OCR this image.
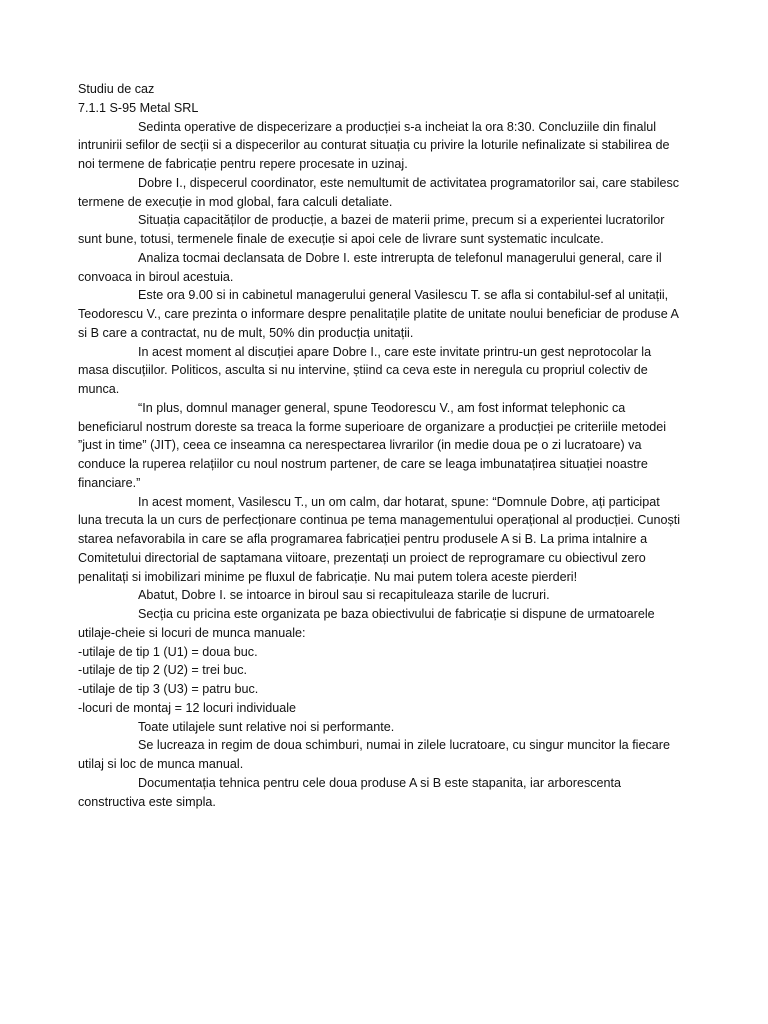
Studiu de caz

7.1.1 S-95 Metal SRL

Sedinta operative de dispecerizare a producției s-a incheiat la ora 8:30. Concluziile din finalul intrunirii sefilor de secții si a dispecerilor au conturat situația cu privire la loturile nefinalizate si stabilirea de noi termene de fabricație pentru repere procesate in uzinaj.

Dobre I., dispecerul coordinator, este nemultumit de activitatea programatorilor sai, care stabilesc termene de execuție in mod global, fara calculi detaliate.

Situația capacităților de producție, a bazei de materii prime, precum si a experientei lucratorilor sunt bune, totusi, termenele finale de execuție si apoi cele de livrare sunt systematic inculcate.

Analiza tocmai declansata de Dobre I. este intrerupta de telefonul managerului general, care il convoaca in biroul acestuia.

Este ora 9.00 si in cabinetul managerului general Vasilescu T. se afla si contabilul-sef al unitații, Teodorescu V., care prezinta o informare despre penalitațile platite de unitate noului beneficiar de produse A si B care a contractat, nu de mult, 50% din producția unitații.

In acest moment al discuției apare Dobre I., care este invitate printru-un gest neprotocolar la masa discuțiilor. Politicos, asculta si nu intervine, știind ca ceva este in neregula cu propriul colectiv de munca.

“In plus, domnul manager general, spune Teodorescu V., am fost informat telephonic ca beneficiarul nostrum doreste sa treaca la forme superioare de organizare a producției pe criteriile metodei ”just in time” (JIT), ceea ce inseamna ca nerespectarea livrarilor (in medie doua pe o zi lucratoare) va conduce la ruperea relațiilor cu noul nostrum partener, de care se leaga imbunatațirea situației noastre financiare.”

In acest moment, Vasilescu T., un om calm, dar hotarat, spune: “Domnule Dobre, ați participat luna trecuta la un curs de perfecționare continua pe tema managementului operațional al producției. Cunoști starea nefavorabila in care se afla programarea fabricației pentru produsele A si B. La prima intalnire a Comitetului directorial de saptamana viitoare, prezentați un proiect de reprogramare cu obiectivul zero penalitați si imobilizari minime pe fluxul de fabricație. Nu mai putem tolera aceste pierderi!

Abatut, Dobre I. se intoarce in biroul sau si recapituleaza starile de lucruri.

Secția cu pricina este organizata pe baza obiectivului de fabricație si dispune de urmatoarele utilaje-cheie si locuri de munca manuale:

-utilaje de tip 1 (U1) = doua buc.

-utilaje de tip 2 (U2) = trei buc.

-utilaje de tip 3 (U3) = patru buc.

-locuri de montaj = 12 locuri individuale

Toate utilajele sunt relative noi si performante.

Se lucreaza in regim de doua schimburi, numai in zilele lucratoare, cu singur muncitor la fiecare utilaj si loc de munca manual.

Documentația tehnica pentru cele doua produse A si B este stapanita, iar arborescenta constructiva este simpla.
